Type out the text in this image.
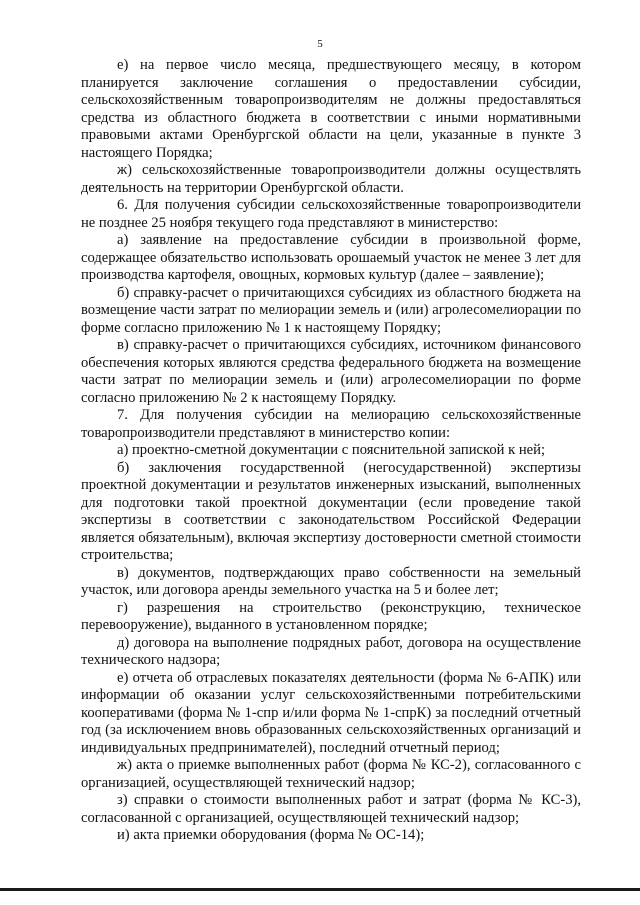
5

е) на первое число месяца, предшествующего месяцу, в котором планируется заключение соглашения о предоставлении субсидии, сельскохозяйственным товаропроизводителям не должны предоставляться средства из областного бюджета в соответствии с иными нормативными правовыми актами Оренбургской области на цели, указанные в пункте 3 настоящего Порядка;

ж) сельскохозяйственные товаропроизводители должны осуществлять деятельность на территории Оренбургской области.

6. Для получения субсидии сельскохозяйственные товаропроизводители не позднее 25 ноября текущего года представляют в министерство:

а) заявление на предоставление субсидии в произвольной форме, содержащее обязательство использовать орошаемый участок не менее 3 лет для производства картофеля, овощных, кормовых культур (далее – заявление);

б) справку-расчет о причитающихся субсидиях из областного бюджета на возмещение части затрат по мелиорации земель и (или) агролесомелиорации по форме согласно приложению № 1 к настоящему Порядку;

в) справку-расчет о причитающихся субсидиях, источником финансового обеспечения которых являются средства федерального бюджета на возмещение части затрат по мелиорации земель и (или) агролесомелиорации по форме согласно приложению № 2 к настоящему Порядку.

7. Для получения субсидии на мелиорацию сельскохозяйственные товаропроизводители представляют в министерство копии:

а) проектно-сметной документации с пояснительной запиской к ней;

б) заключения государственной (негосударственной) экспертизы проектной документации и результатов инженерных изысканий, выполненных для подготовки такой проектной документации (если проведение такой экспертизы в соответствии с законодательством Российской Федерации является обязательным), включая экспертизу достоверности сметной стоимости строительства;

в) документов, подтверждающих право собственности на земельный участок, или договора аренды земельного участка на 5 и более лет;

г) разрешения на строительство (реконструкцию, техническое перевооружение), выданного в установленном порядке;

д) договора на выполнение подрядных работ, договора на осуществление технического надзора;

е) отчета об отраслевых показателях деятельности (форма № 6-АПК) или информации об оказании услуг сельскохозяйственными потребительскими кооперативами (форма № 1-спр и/или форма № 1-спрК) за последний отчетный год (за исключением вновь образованных сельскохозяйственных организаций и индивидуальных предпринимателей), последний отчетный период;

ж) акта о приемке выполненных работ (форма № КС-2), согласованного с организацией, осуществляющей технический надзор;

з) справки о стоимости выполненных работ и затрат (форма № КС-3), согласованной с организацией, осуществляющей технический надзор;

и) акта приемки оборудования (форма № ОС-14);
